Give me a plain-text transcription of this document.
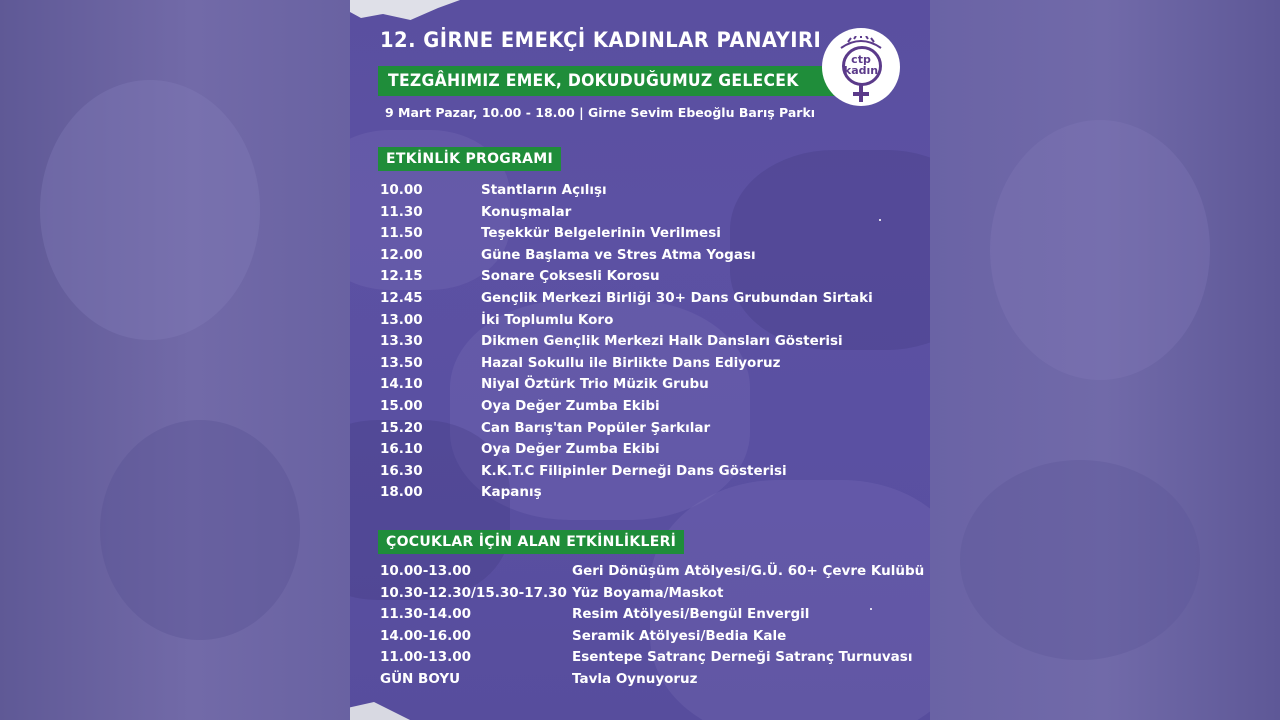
12. GİRNE EMEKÇİ KADINLAR PANAYIRI
TEZGÂHIMIZ EMEK, DOKUDUĞUMUZ GELECEK
9 Mart Pazar, 10.00 - 18.00 | Girne Sevim Ebeoğlu Barış Parkı
ctp
kadın
ETKİNLİK PROGRAMI
10.00	Stantların Açılışı
11.30	Konuşmalar
11.50	Teşekkür Belgelerinin Verilmesi
12.00	Güne Başlama ve Stres Atma Yogası
12.15	Sonare Çoksesli Korosu
12.45	Gençlik Merkezi Birliği 30+ Dans Grubundan Sirtaki
13.00	İki Toplumlu Koro
13.30	Dikmen Gençlik Merkezi Halk Dansları Gösterisi
13.50	Hazal Sokullu ile Birlikte Dans Ediyoruz
14.10	Niyal Öztürk Trio Müzik Grubu
15.00	Oya Değer Zumba Ekibi
15.20	Can Barış'tan Popüler Şarkılar
16.10	Oya Değer Zumba Ekibi
16.30	K.K.T.C Filipinler Derneği Dans Gösterisi
18.00	Kapanış
ÇOCUKLAR İÇİN ALAN ETKİNLİKLERİ
10.00-13.00	Geri Dönüşüm Atölyesi/G.Ü. 60+ Çevre Kulübü
10.30-12.30/15.30-17.30 Yüz Boyama/Maskot
11.30-14.00	Resim Atölyesi/Bengül Envergil
14.00-16.00	Seramik Atölyesi/Bedia Kale
11.00-13.00	Esentepe Satranç Derneği Satranç Turnuvası
GÜN BOYU	Tavla Oynuyoruz
